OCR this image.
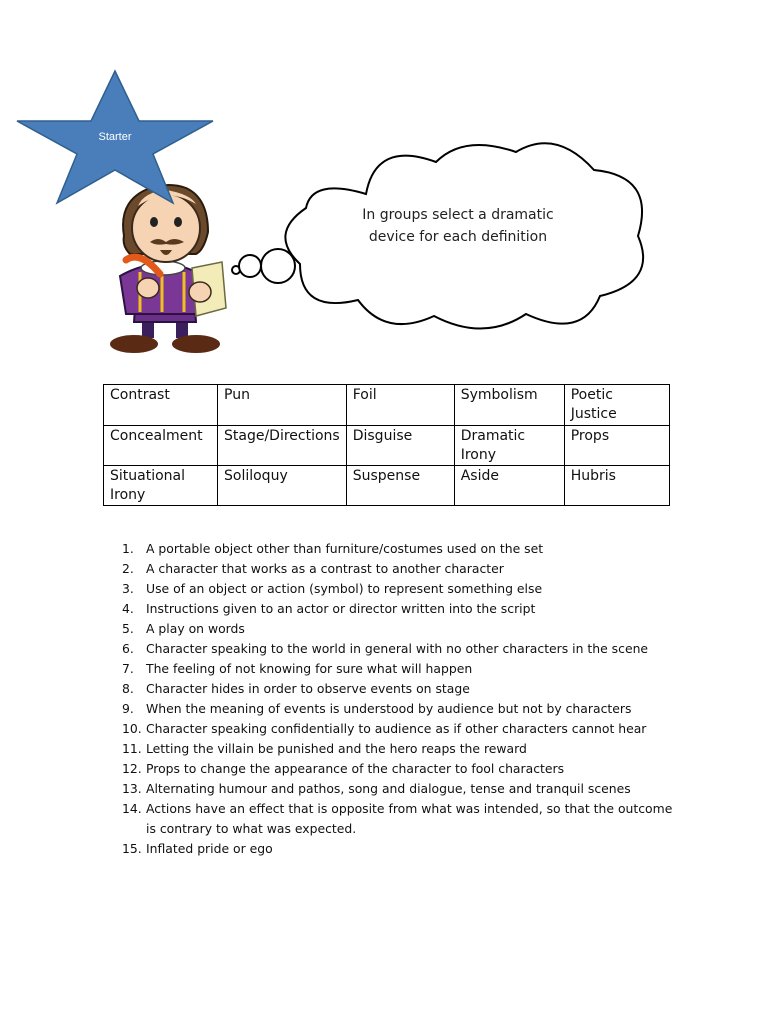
Starter
In groups select a dramatic device for each definition
Contrast	Pun	Foil	Symbolism	Poetic Justice
Concealment	Stage/Directions	Disguise	Dramatic Irony	Props
Situational Irony	Soliloquy	Suspense	Aside	Hubris
1. A portable object other than furniture/costumes used on the set
2. A character that works as a contrast to another character
3. Use of an object or action (symbol) to represent something else
4. Instructions given to an actor or director written into the script
5. A play on words
6. Character speaking to the world in general with no other characters in the scene
7. The feeling of not knowing for sure what will happen
8. Character hides in order to observe events on stage
9. When the meaning of events is understood by audience but not by characters
10. Character speaking confidentially to audience as if other characters cannot hear
11. Letting the villain be punished and the hero reaps the reward
12. Props to change the appearance of the character to fool characters
13. Alternating humour and pathos, song and dialogue, tense and tranquil scenes
14. Actions have an effect that is opposite from what was intended, so that the outcome is contrary to what was expected.
15. Inflated pride or ego
